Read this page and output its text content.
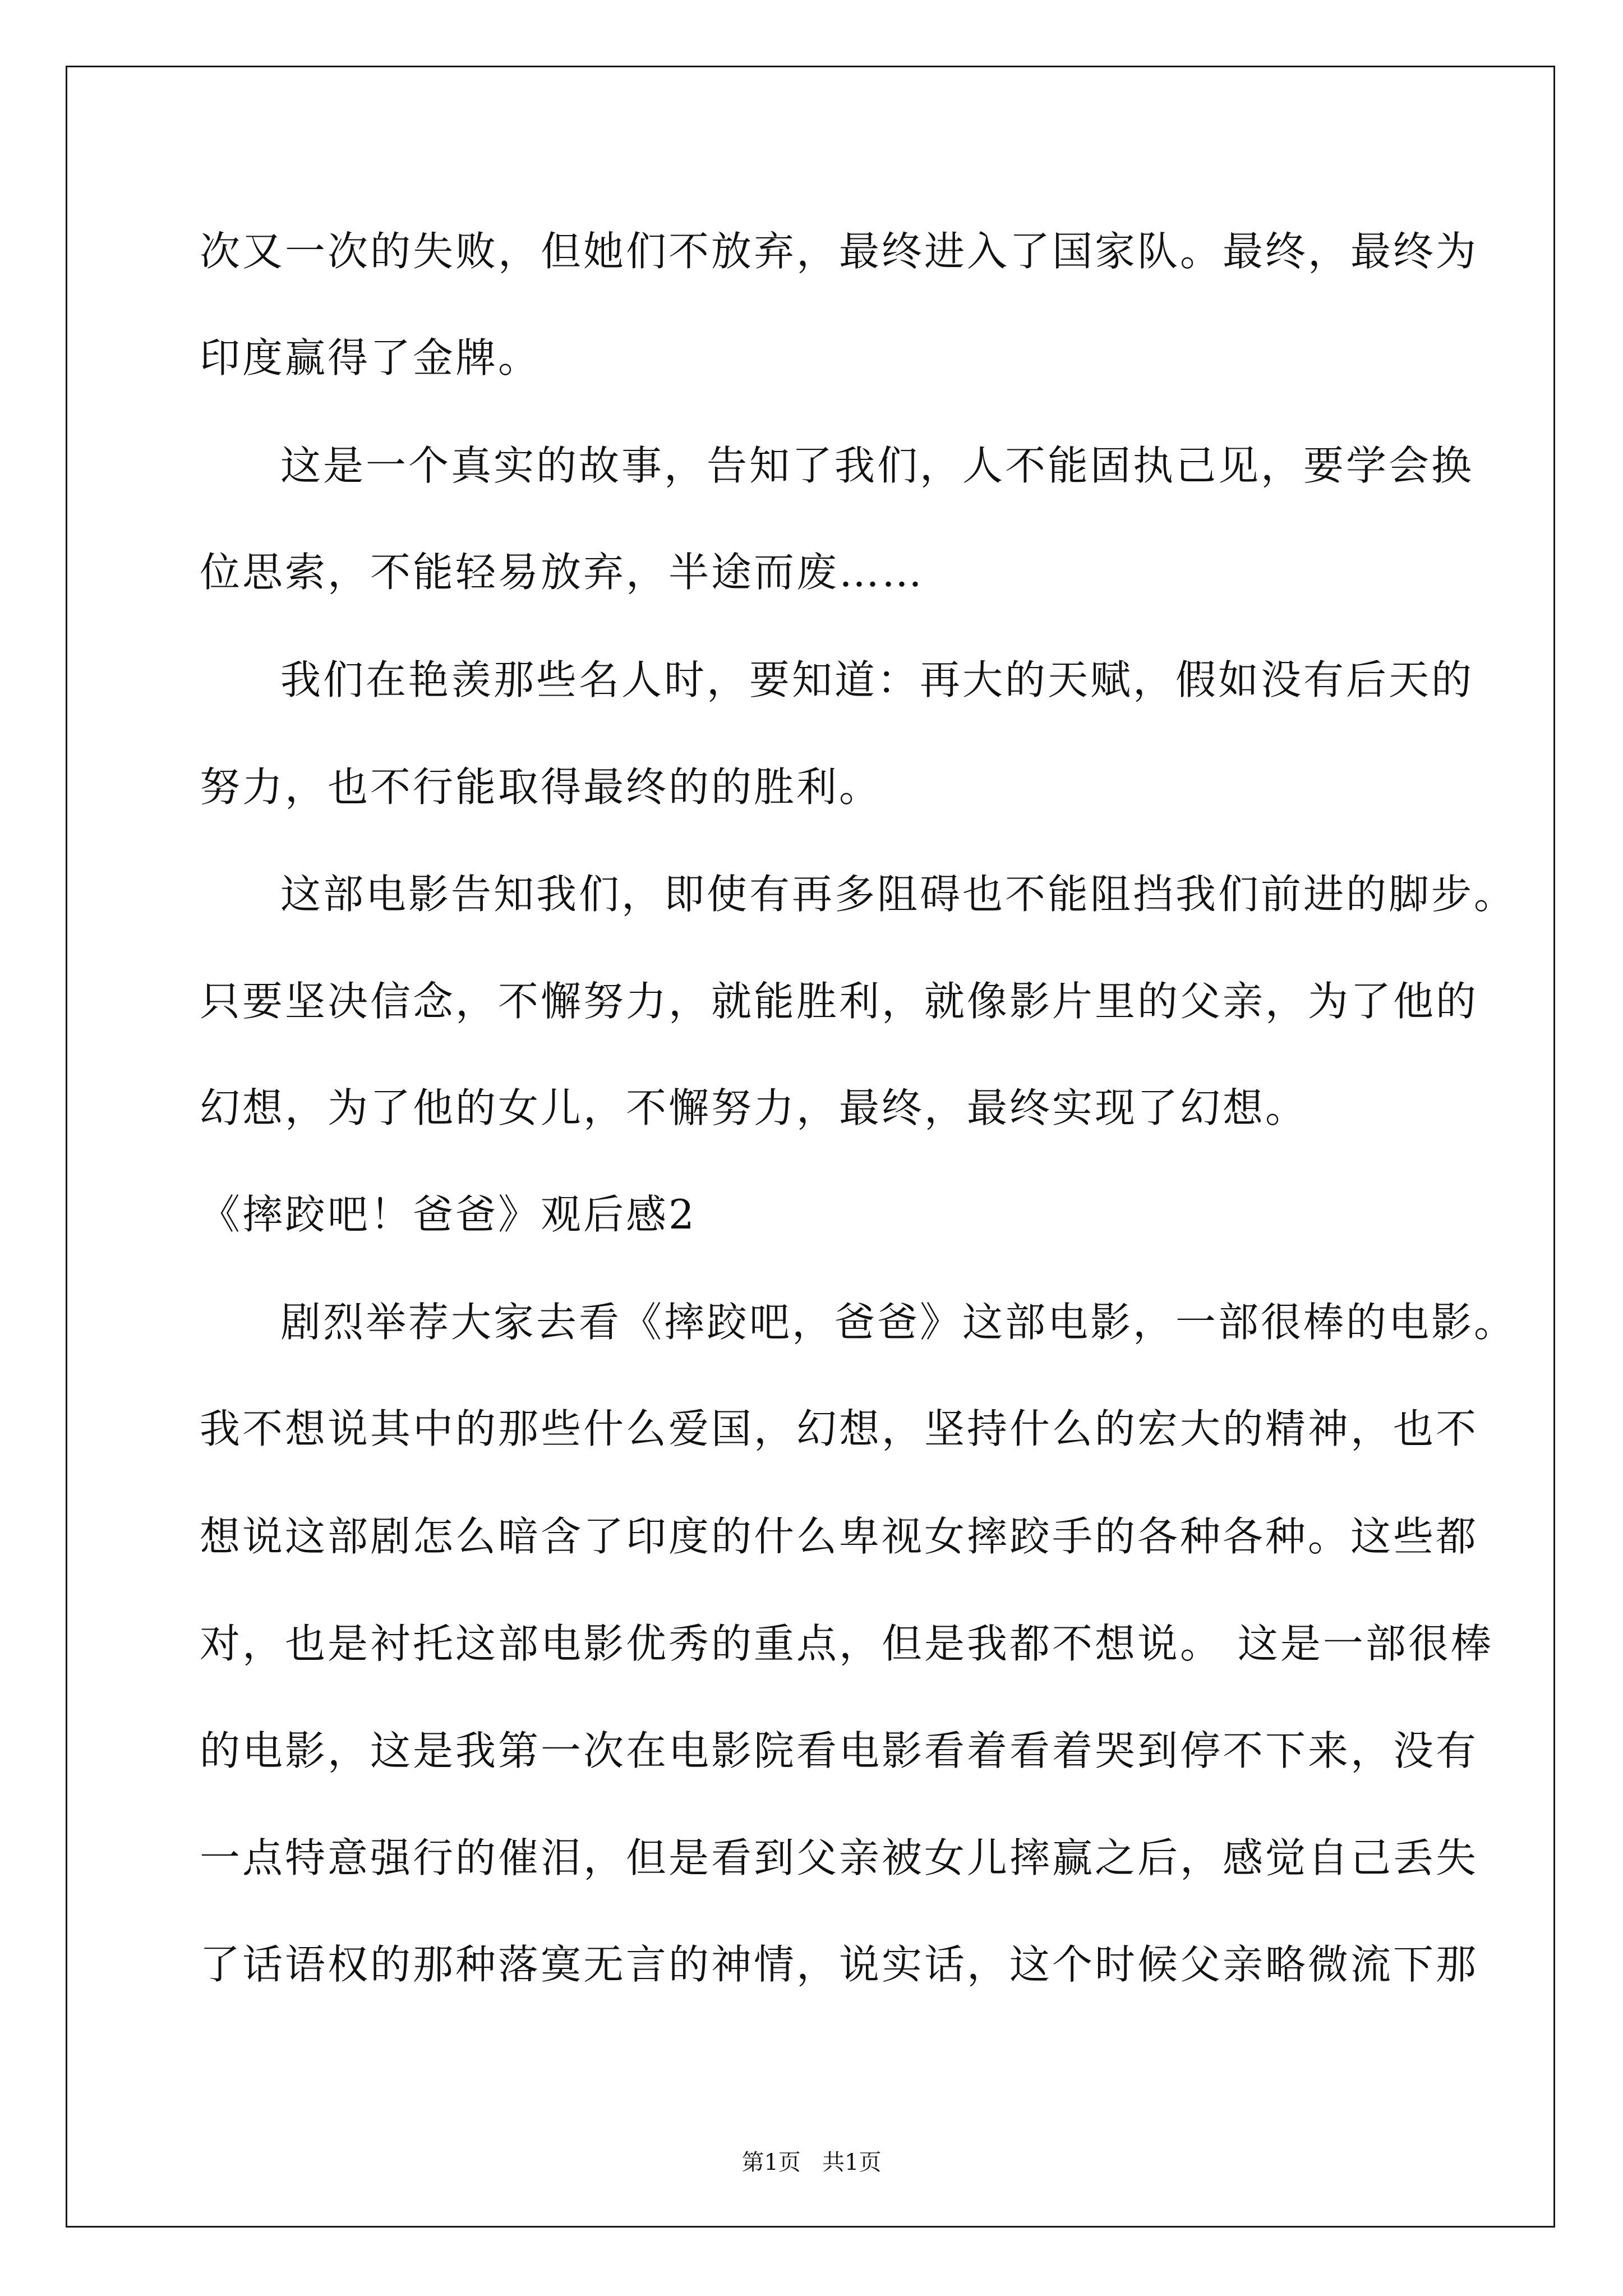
次又一次的失败，但她们不放弃，最终进入了国家队。最终，最终为
印度赢得了金牌。
这是一个真实的故事，告知了我们，人不能固执己见，要学会换
位思索，不能轻易放弃，半途而废……
我们在艳羡那些名人时，要知道：再大的天赋，假如没有后天的
努力，也不行能取得最终的的胜利。
这部电影告知我们，即使有再多阻碍也不能阻挡我们前进的脚步。
只要坚决信念，不懈努力，就能胜利，就像影片里的父亲，为了他的
幻想，为了他的女儿，不懈努力，最终，最终实现了幻想。
《摔跤吧！爸爸》观后感2
剧烈举荐大家去看《摔跤吧，爸爸》这部电影，一部很棒的电影。
我不想说其中的那些什么爱国，幻想，坚持什么的宏大的精神，也不
想说这部剧怎么暗含了印度的什么卑视女摔跤手的各种各种。这些都
对，也是衬托这部电影优秀的重点，但是我都不想说。 这是一部很棒
的电影，这是我第一次在电影院看电影看着看着哭到停不下来，没有
一点特意强行的催泪，但是看到父亲被女儿摔赢之后，感觉自己丢失
了话语权的那种落寞无言的神情，说实话，这个时候父亲略微流下那
第1页   共1页
